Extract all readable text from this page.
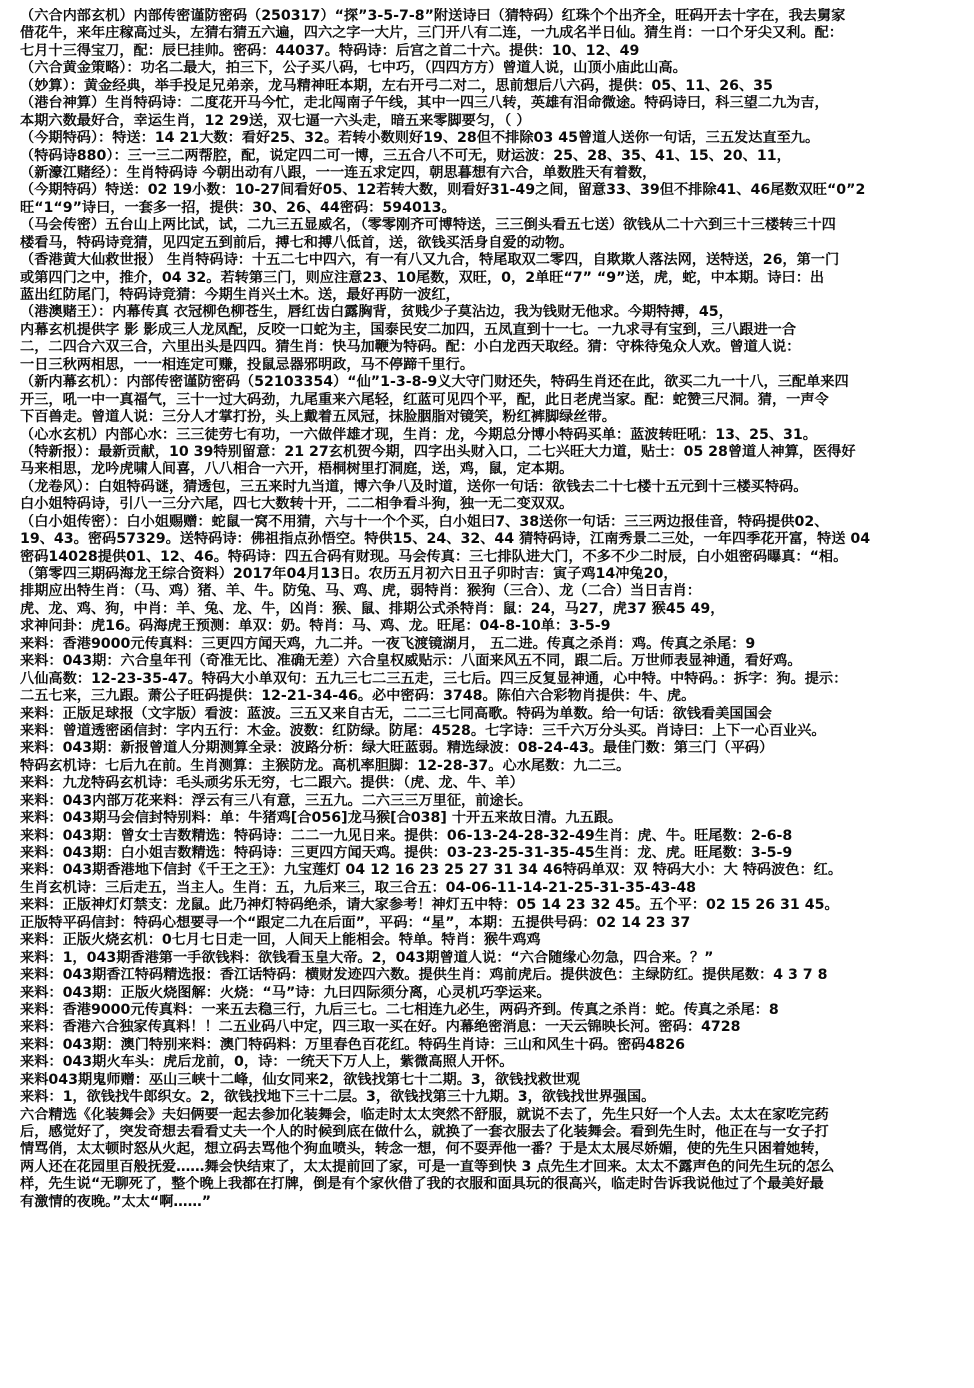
（六合内部玄机）内部传密谨防密码（250317）“探”3-5-7-8”附送诗曰（猜特码）红珠个个出齐全，旺码开去十字在，我去舅家
借花牛，来年庄稼高过头，左猜右猜五六遍，四六之字一大片，三门开八有二连，一九成名半日仙。猜生肖：一口个牙尖又利。配：
七月十三得宝刀，配：辰巳挂帅。密码：44037。特码诗：后宫之首二十六。提供：10、12、49
（六合黄金策略）：功名二最大，拍三下，公子买八码，七中巧，（四四方方）曾道人说，山顶小庙此山高。
（妙算）：黄金经典，举手投足兄弟亲，龙马精神旺本期，左右开弓二对二，思前想后八六码，提供：05、11、26、35
（港台神算）生肖特码诗：二度花开马今忙，走北闯南子午线，其中一四三八转，英雄有泪命微途。特码诗曰，科三望二九为吉，
本期六数最好合，幸运生肖，12 29送，双七逼一六头走，暗五来零脚要匀，（ ）
（今期特码）：特送：14 21大数：看好25、32。若转小数则好19、28但不排除03 45曾道人送你一句话，三五发达直至九。
（特码诗880）：三一三二两帮腔，配，说定四二可一博，三五合八不可无，财运波：25、28、35、41、15、20、11，
（新濠江赌经）：生肖特码诗 今朝出动有八跟，一一连五求定四，朝思暮想有六合，单数胜天有着数，
（今期特码）特送：02 19小数：10-27间看好05、12若转大数，则看好31-49之间，留意33、39但不排除41、46尾数双旺“0”2
旺“1“9”诗曰，一套多一招，提供：30、26、44密码：594013。
（马会传密）五台山上两比试，试，二九三五显威名，（零零刚齐可博特送，三三倒头看五七送）欲钱从二十六到三十三楼转三十四
楼看马，特码诗竞猜，见四定五到前后，搏七和搏八低首，送，欲钱买活身自爱的动物。
（香港黄大仙救世报） 生肖特码诗：十五二七中四六，有一有八又九合，特尾取双二零四，自欺欺人落法网，送特送，26，第一门
或第四门之中，推介，04 32。若转第三门，则应注意23、10尾数，双旺，0，2单旺“7” “9”送，虎，蛇，中本期。诗曰：出
蓝出红防尾门，特码诗竞猜：今期生肖兴土木。送，最好再防一波红，
（港澳赌王）：内幕传真 衣冠柳色柳苍生，唇红齿白露胸背，贫贱少子莫沾边，我为钱财无他求。今期特搏，45，
内幕玄机提供字 影 影成三人龙凤配，反咬一口蛇为主，国泰民安二加四，五凤直到十一七。一九求寻有宝到，三八跟进一合
二，二四合六双三合，六里出头是四四。猜生肖：快马加鞭为特码。配：小白龙西天取经。猜：守株待兔众人欢。曾道人说：
一日三秋两相思，一一相连定可赚，投鼠忌器邪明政，马不停蹄千里行。
（新内幕玄机）：内部传密谨防密码（52103354）“仙”1-3-8-9义大守门财还失，特码生肖还在此，欲买二九一十八，三配单来四
开三，吼一中一真福气，三十一过大码劲，九尾重来六尾轻，红蓝可见四个平，配，此日老虎当家。配：蛇赞三尺洞。猜，一声令
下百兽走。曾道人说：三分人才掌打扮，头上戴着五凤冠，抹脸胭脂对镜笑，粉红裤脚绿丝带。
（心水玄机）内部心水：三三徒劳七有功，一六做伴雄才现，生肖：龙，今期总分博小特码买单：蓝波转旺吼：13、25、31。
（特新报）：最新贡献，10 39特别留意：21 27玄机贺今期，四字出头财入口，二七兴旺大力道，贴士：05 28曾道人神算，医得好
马来相思，龙吟虎啸人间喜，八八相合一六开，梧桐树里打洞庭，送，鸡，鼠，定本期。
（龙卷风）：白姐特码谜，猜透包，三五来时九当道，博六争八及时道，送你一句话：欲钱去二十七楼十五元到十三楼买特码。
白小姐特码诗，引八一三分六尾，四七大数转十开，二二相争看斗狗，独一无二变双双。
（白小姐传密）：白小姐赐赠：蛇鼠一窝不用猜，六与十一个个买，白小姐曰7、38送你一句话：三三两边报佳音，特码提供02、
19、43。密码57329。送特码诗：佛祖指点孙悟空。特供15、24、32、44 猜特码诗，江南秀景二三处，一年四季花开富，特送 04
密码14028提供01、12、46。特码诗：四五合码有财现。马会传真：三七排队进大门，不多不少二时辰，白小姐密码曝真：“相。
（第零四三期码海龙王综合资料）2017年04月13日。农历五月初六日丑子卯时吉：寅子鸡14冲兔20，
排期应出特生肖：（马、鸡）猪、羊、牛。防兔、马、鸡、虎，弱特肖：猴狗（三合）、龙（二合）当日吉肖：
虎、龙、鸡、狗，中肖：羊、兔、龙、牛，凶肖：猴、鼠、排期公式杀特肖：鼠：24，马27，虎37 猴45 49，
求神问卦：虎16。码海虎王预测：单双：奶。特肖：马、鸡、龙。旺尾：04-8-10单：3-5-9
来料：香港9000元传真料：三更四方闻天鸡，九二并。一夜飞渡镜湖月， 五二进。传真之杀肖：鸡。传真之杀尾：9
来料：043期：六合皇年刊（奇准无比、准确无差）六合皇权威贴示：八面来风五不同，跟二后。万世师表显神通，看好鸡。
八仙高数：12-23-35-47。特码大小单双句：五九三七二三五走，三七后。四三反复显神通，心中特。中特码。：拆字：狗。提示：
二五七来，三九跟。萧公子旺码提供：12-21-34-46。必中密码：3748。陈伯六合彩物肖提供：牛、虎。
来料：正版足球报（文字版）看波：蓝波。三五又来自古无，二二三七同高歌。特码为单数。给一句话：欲钱看美国国会
来料：曾道透密函信封：字内五行：木金。波数：红防绿。防尾：4528。七字诗：三千六万分头买。肖诗曰：上下一心百业兴。
来料：043期：新报曾道人分期测算全录：波路分析：绿大旺蓝弱。精选绿波：08-24-43。最佳门数：第三门（平码）
特码玄机诗：七后九在前。生肖测算：主猴防龙。高机率胆脚：12-28-37。心水尾数：九二三。
来料：九龙特码玄机诗：毛头顽劣乐无穷，七二跟六。提供：（虎、龙、牛、羊）
来料：043内部万花来料：浮云有三八有意，三五九。二六三三万里征，前途长。
来料：043期马会信封特别料：单：牛猪鸡[合056]龙马猴[合038] 十开五来故日清。九五跟。
来料：043期：曾女士吉数精选：特码诗：二二一九见日来。提供：06-13-24-28-32-49生肖：虎、牛。旺尾数：2-6-8
来料：043期：白小姐吉数精选：特码诗：三更四方闻天鸡。提供：03-23-25-31-35-45生肖：龙、虎。旺尾数：3-5-9
来料：043期香港地下信封《千王之王》：九宝莲灯 04 12 16 23 25 27 31 34 46特码单双：双 特码大小：大 特码波色：红。
生肖玄机诗：三后走五，当主人。生肖：五，九后来三，取三合五：04-06-11-14-21-25-31-35-43-48
来料：正版神灯灯禁支：龙鼠。此乃神灯特码绝杀，请大家参考！神灯五中特：05 14 23 32 45。五个平：02 15 26 31 45。
正版特平码信封：特码心想要寻一个“跟定二九在后面”，平码：“星”，本期：五提供号码：02 14 23 37
来料：正版火烧玄机：0七月七日走一回，人间天上能相会。特单。特肖：猴牛鸡鸡
来料：1，043期香港第一手欲钱料：欲钱看玉皇大帝。2，043期曾道人说：“六合随缘心勿急，四合来。？”
来料：043期香江特码精选报：香江话特码：横财发迹四六数。提供生肖：鸡前虎后。提供波色：主绿防红。提供尾数：4 3 7 8
来料：043期：正版火烧图解：火烧：“马”诗：九曰四际须分离，心灵机巧孪运来。
来料：香港9000元传真料：一来五去稳三行，九后三七。二七相连九必生，两码齐到。传真之杀肖：蛇。传真之杀尾：8
来料：香港六合独家传真料！！二五业码八中定，四三取一买在好。内幕绝密消息：一天云锦映长河。密码：4728
来料：043期：澳门特别来料：澳门特码料：万里春色百花红。特码生肖诗：三山和风生十码。密码4826
来料：043期火车头：虎后龙前，0，诗：一统天下万人上，紫微高照人开怀。
来料043期鬼师赠：巫山三峡十二峰，仙女同来2，欲钱找第七十二期。3，欲钱找救世观
来料：1，欲钱找牛郎织女。2，欲钱找地下三十二层。3，欲钱找第三十九期。3，欲钱找世界强国。
六合精选《化装舞会》夫妇俩要一起去参加化装舞会，临走时太太突然不舒服，就说不去了，先生只好一个人去。太太在家吃完药
后，感觉好了，突发奇想去看看丈夫一个人的时候到底在做什么，就换了一套衣服去了化装舞会。看到先生时，他正在与一女子打
情骂俏，太太顿时怒从火起，想立码去骂他个狗血喷头，转念一想，何不耍弄他一番？于是太太展尽娇媚，使的先生只困着她转，
两人还在花园里百般抚爱……舞会快结束了，太太提前回了家，可是一直等到快 3 点先生才回来。太太不露声色的问先生玩的怎么
样，先生说“无聊死了，整个晚上我都在打牌，倒是有个家伙借了我的衣服和面具玩的很高兴，临走时告诉我说他过了个最美好最
有激情的夜晚。”太太“啊……”
